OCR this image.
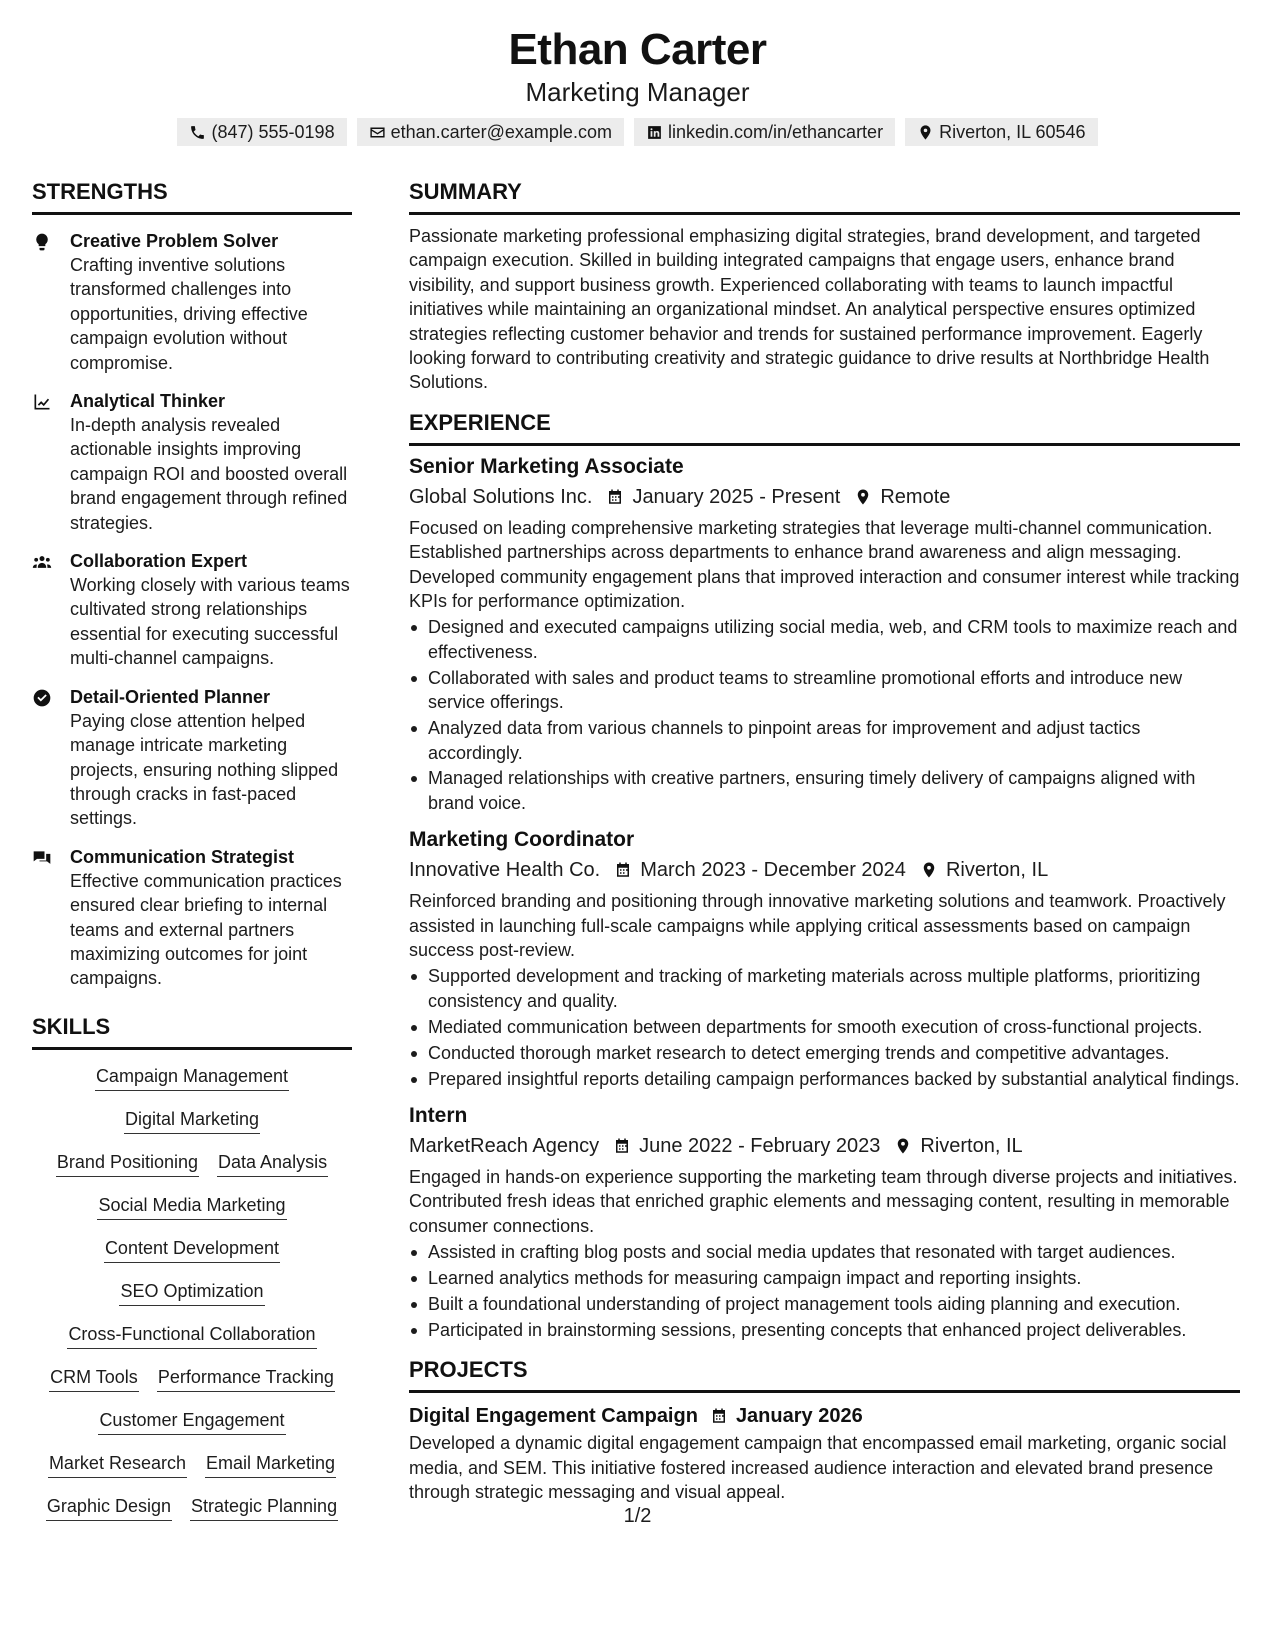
Ethan Carter
Marketing Manager
(847) 555-0198	ethan.carter@example.com	linkedin.com/in/ethancarter	Riverton, IL 60546
STRENGTHS
Creative Problem Solver
Crafting inventive solutions transformed challenges into opportunities, driving effective campaign evolution without compromise.
Analytical Thinker
In-depth analysis revealed actionable insights improving campaign ROI and boosted overall brand engagement through refined strategies.
Collaboration Expert
Working closely with various teams cultivated strong relationships essential for executing successful multi-channel campaigns.
Detail-Oriented Planner
Paying close attention helped manage intricate marketing projects, ensuring nothing slipped through cracks in fast-paced settings.
Communication Strategist
Effective communication practices ensured clear briefing to internal teams and external partners maximizing outcomes for joint campaigns.
SKILLS
Campaign Management
Digital Marketing
Brand Positioning Data Analysis
Social Media Marketing
Content Development
SEO Optimization
Cross-Functional Collaboration
CRM Tools Performance Tracking
Customer Engagement
Market Research Email Marketing
Graphic Design Strategic Planning
SUMMARY
Passionate marketing professional emphasizing digital strategies, brand development, and targeted campaign execution. Skilled in building integrated campaigns that engage users, enhance brand visibility, and support business growth. Experienced collaborating with teams to launch impactful initiatives while maintaining an organizational mindset. An analytical perspective ensures optimized strategies reflecting customer behavior and trends for sustained performance improvement. Eagerly looking forward to contributing creativity and strategic guidance to drive results at Northbridge Health Solutions.
EXPERIENCE
Senior Marketing Associate
Global Solutions Inc. January 2025 - Present Remote
Focused on leading comprehensive marketing strategies that leverage multi-channel communication. Established partnerships across departments to enhance brand awareness and align messaging. Developed community engagement plans that improved interaction and consumer interest while tracking KPIs for performance optimization.
Designed and executed campaigns utilizing social media, web, and CRM tools to maximize reach and effectiveness.
Collaborated with sales and product teams to streamline promotional efforts and introduce new service offerings.
Analyzed data from various channels to pinpoint areas for improvement and adjust tactics accordingly.
Managed relationships with creative partners, ensuring timely delivery of campaigns aligned with brand voice.
Marketing Coordinator
Innovative Health Co. March 2023 - December 2024 Riverton, IL
Reinforced branding and positioning through innovative marketing solutions and teamwork. Proactively assisted in launching full-scale campaigns while applying critical assessments based on campaign success post-review.
Supported development and tracking of marketing materials across multiple platforms, prioritizing consistency and quality.
Mediated communication between departments for smooth execution of cross-functional projects.
Conducted thorough market research to detect emerging trends and competitive advantages.
Prepared insightful reports detailing campaign performances backed by substantial analytical findings.
Intern
MarketReach Agency June 2022 - February 2023 Riverton, IL
Engaged in hands-on experience supporting the marketing team through diverse projects and initiatives. Contributed fresh ideas that enriched graphic elements and messaging content, resulting in memorable consumer connections.
Assisted in crafting blog posts and social media updates that resonated with target audiences.
Learned analytics methods for measuring campaign impact and reporting insights.
Built a foundational understanding of project management tools aiding planning and execution.
Participated in brainstorming sessions, presenting concepts that enhanced project deliverables.
PROJECTS
Digital Engagement Campaign January 2026
Developed a dynamic digital engagement campaign that encompassed email marketing, organic social media, and SEM. This initiative fostered increased audience interaction and elevated brand presence through strategic messaging and visual appeal.
1/2
